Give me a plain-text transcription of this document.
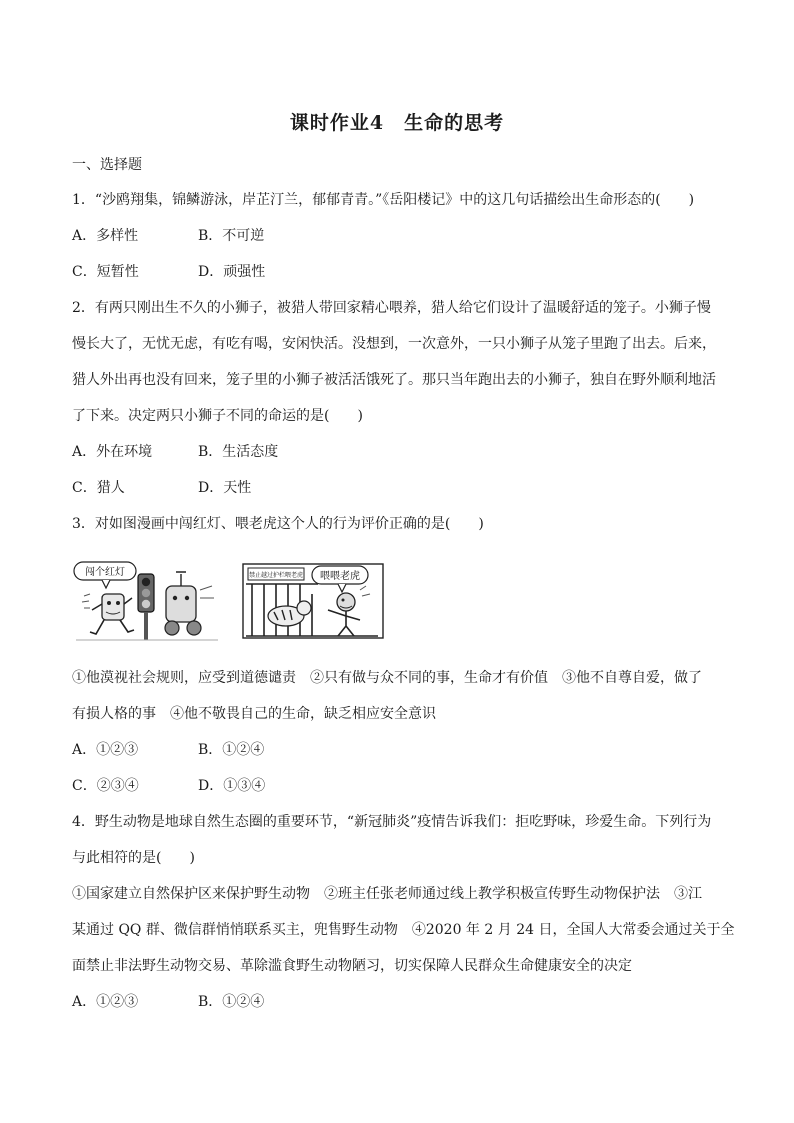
课时作业4　生命的思考
一、选择题
1．“沙鸥翔集，锦鳞游泳，岸芷汀兰，郁郁青青。”《岳阳楼记》中的这几句话描绘出生命形态的(　　)
A．多样性	B．不可逆
C．短暂性	D．顽强性
2．有两只刚出生不久的小狮子，被猎人带回家精心喂养，猎人给它们设计了温暖舒适的笼子。小狮子慢
慢长大了，无忧无虑，有吃有喝，安闲快活。没想到，一次意外，一只小狮子从笼子里跑了出去。后来，
猎人外出再也没有回来，笼子里的小狮子被活活饿死了。那只当年跑出去的小狮子，独自在野外顺利地活
了下来。决定两只小狮子不同的命运的是(　　)
A．外在环境	B．生活态度
C．猎人	D．天性
3．对如图漫画中闯红灯、喂老虎这个人的行为评价正确的是(　　)
闯个红灯	禁止越过护栏喂老虎 喂喂老虎
①他漠视社会规则，应受到道德谴责　②只有做与众不同的事，生命才有价值　③他不自尊自爱，做了
有损人格的事　④他不敬畏自己的生命，缺乏相应安全意识
A．①②③	B．①②④
C．②③④	D．①③④
4．野生动物是地球自然生态圈的重要环节，“新冠肺炎”疫情告诉我们：拒吃野味，珍爱生命。下列行为
与此相符的是(　　)
①国家建立自然保护区来保护野生动物　②班主任张老师通过线上教学积极宣传野生动物保护法　③江
某通过 QQ 群、微信群悄悄联系买主，兜售野生动物　④2020 年 2 月 24 日，全国人大常委会通过关于全
面禁止非法野生动物交易、革除滥食野生动物陋习，切实保障人民群众生命健康安全的决定
A．①②③	B．①②④
